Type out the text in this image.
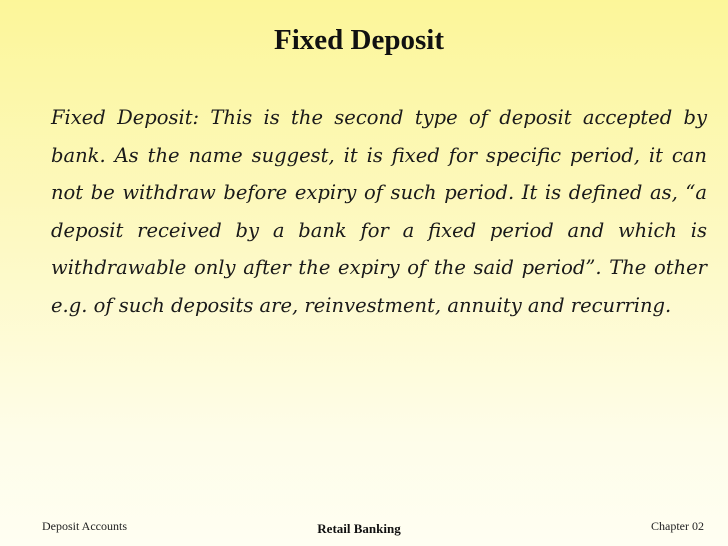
Fixed Deposit

Fixed Deposit: This is the second type of deposit accepted by bank. As the name suggest, it is fixed for specific period, it can not be withdraw before expiry of such period. It is defined as, “a deposit received by a bank for a fixed period and which is withdrawable only after the expiry of the said period”. The other e.g. of such deposits are, reinvestment, annuity and recurring.

Deposit Accounts	Retail Banking	Chapter 02
